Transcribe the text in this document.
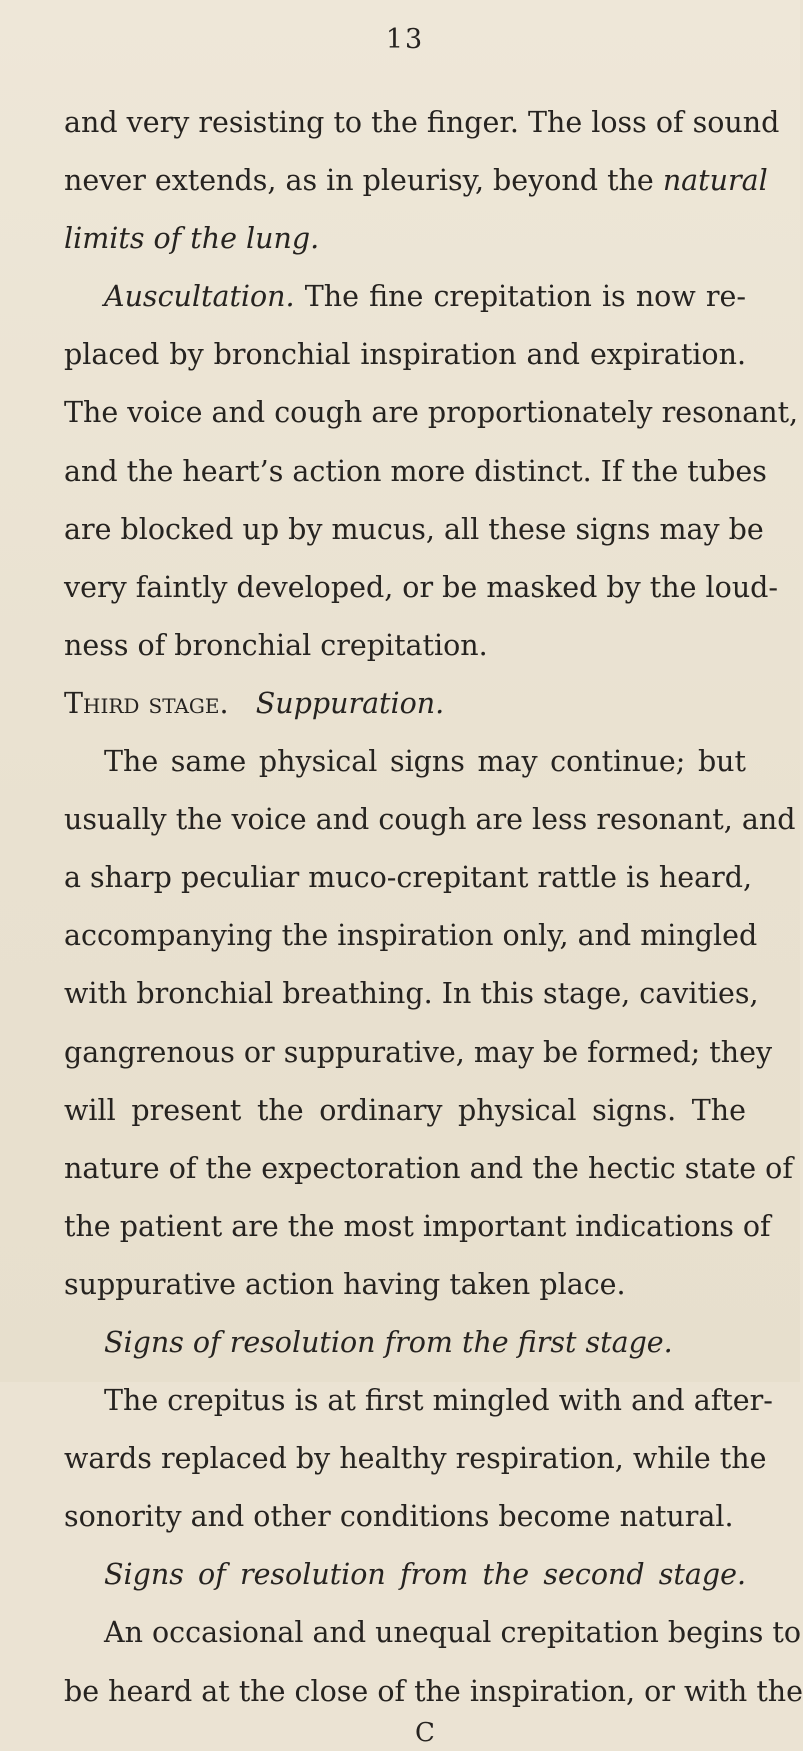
13
and very resisting to the finger. The loss of sound
never extends, as in pleurisy, beyond the natural
limits of the lung.
Auscultation. The fine crepitation is now re-
placed by bronchial inspiration and expiration.
The voice and cough are proportionately resonant,
and the heart’s action more distinct. If the tubes
are blocked up by mucus, all these signs may be
very faintly developed, or be masked by the loud-
ness of bronchial crepitation.
Third stage. Suppuration.
The same physical signs may continue; but
usually the voice and cough are less resonant, and
a sharp peculiar muco-crepitant rattle is heard,
accompanying the inspiration only, and mingled
with bronchial breathing. In this stage, cavities,
gangrenous or suppurative, may be formed; they
will present the ordinary physical signs. The
nature of the expectoration and the hectic state of
the patient are the most important indications of
suppurative action having taken place.
Signs of resolution from the first stage.
The crepitus is at first mingled with and after-
wards replaced by healthy respiration, while the
sonority and other conditions become natural.
Signs of resolution from the second stage.
An occasional and unequal crepitation begins to
be heard at the close of the inspiration, or with the
C
